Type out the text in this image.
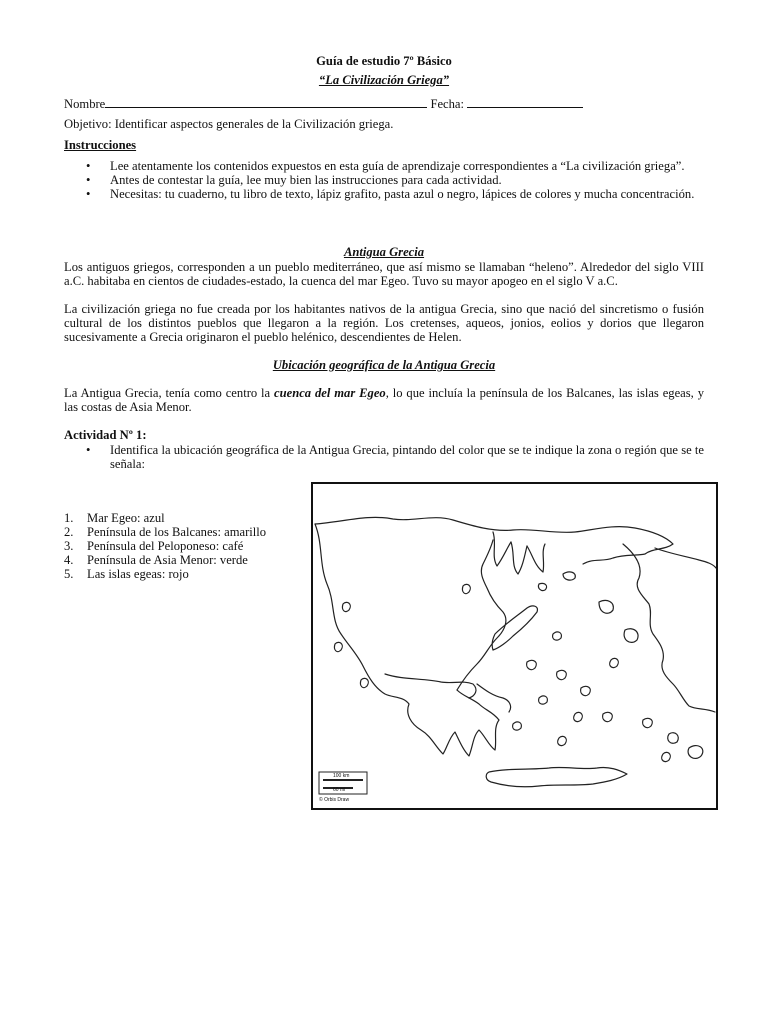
Guía de estudio 7º Básico
“La Civilización Griega”
Nombre	Fecha:
Objetivo: Identificar aspectos generales de la Civilización griega.
Instrucciones
• Lee atentamente los contenidos expuestos en esta guía de aprendizaje correspondientes a “La civilización griega”.
• Antes de contestar la guía, lee muy bien las instrucciones para cada actividad.
• Necesitas: tu cuaderno, tu libro de texto, lápiz grafito, pasta azul o negro, lápices de colores y mucha concentración.
Antigua Grecia
Los antiguos griegos, corresponden a un pueblo mediterráneo, que así mismo se llamaban “heleno”. Alrededor del siglo VIII a.C. habitaba en cientos de ciudades-estado, la cuenca del mar Egeo. Tuvo su mayor apogeo en el siglo V a.C.
La civilización griega no fue creada por los habitantes nativos de la antigua Grecia, sino que nació del sincretismo o fusión cultural de los distintos pueblos que llegaron a la región. Los cretenses, aqueos, jonios, eolios y dorios que llegaron sucesivamente a Grecia originaron el pueblo helénico, descendientes de Helen.
Ubicación geográfica de la Antigua Grecia
La Antigua Grecia, tenía como centro la cuenca del mar Egeo, lo que incluía la península de los Balcanes, las islas egeas, y las costas de Asia Menor.
Actividad Nº 1:
• Identifica la ubicación geográfica de la Antigua Grecia, pintando del color que se te indique la zona o región que se te señala:
1. Mar Egeo: azul
2. Península de los Balcanes: amarillo
3. Península del Peloponeso: café
4. Península de Asia Menor: verde
5. Las islas egeas: rojo
100 km
60 mi
© Orbis Draw
